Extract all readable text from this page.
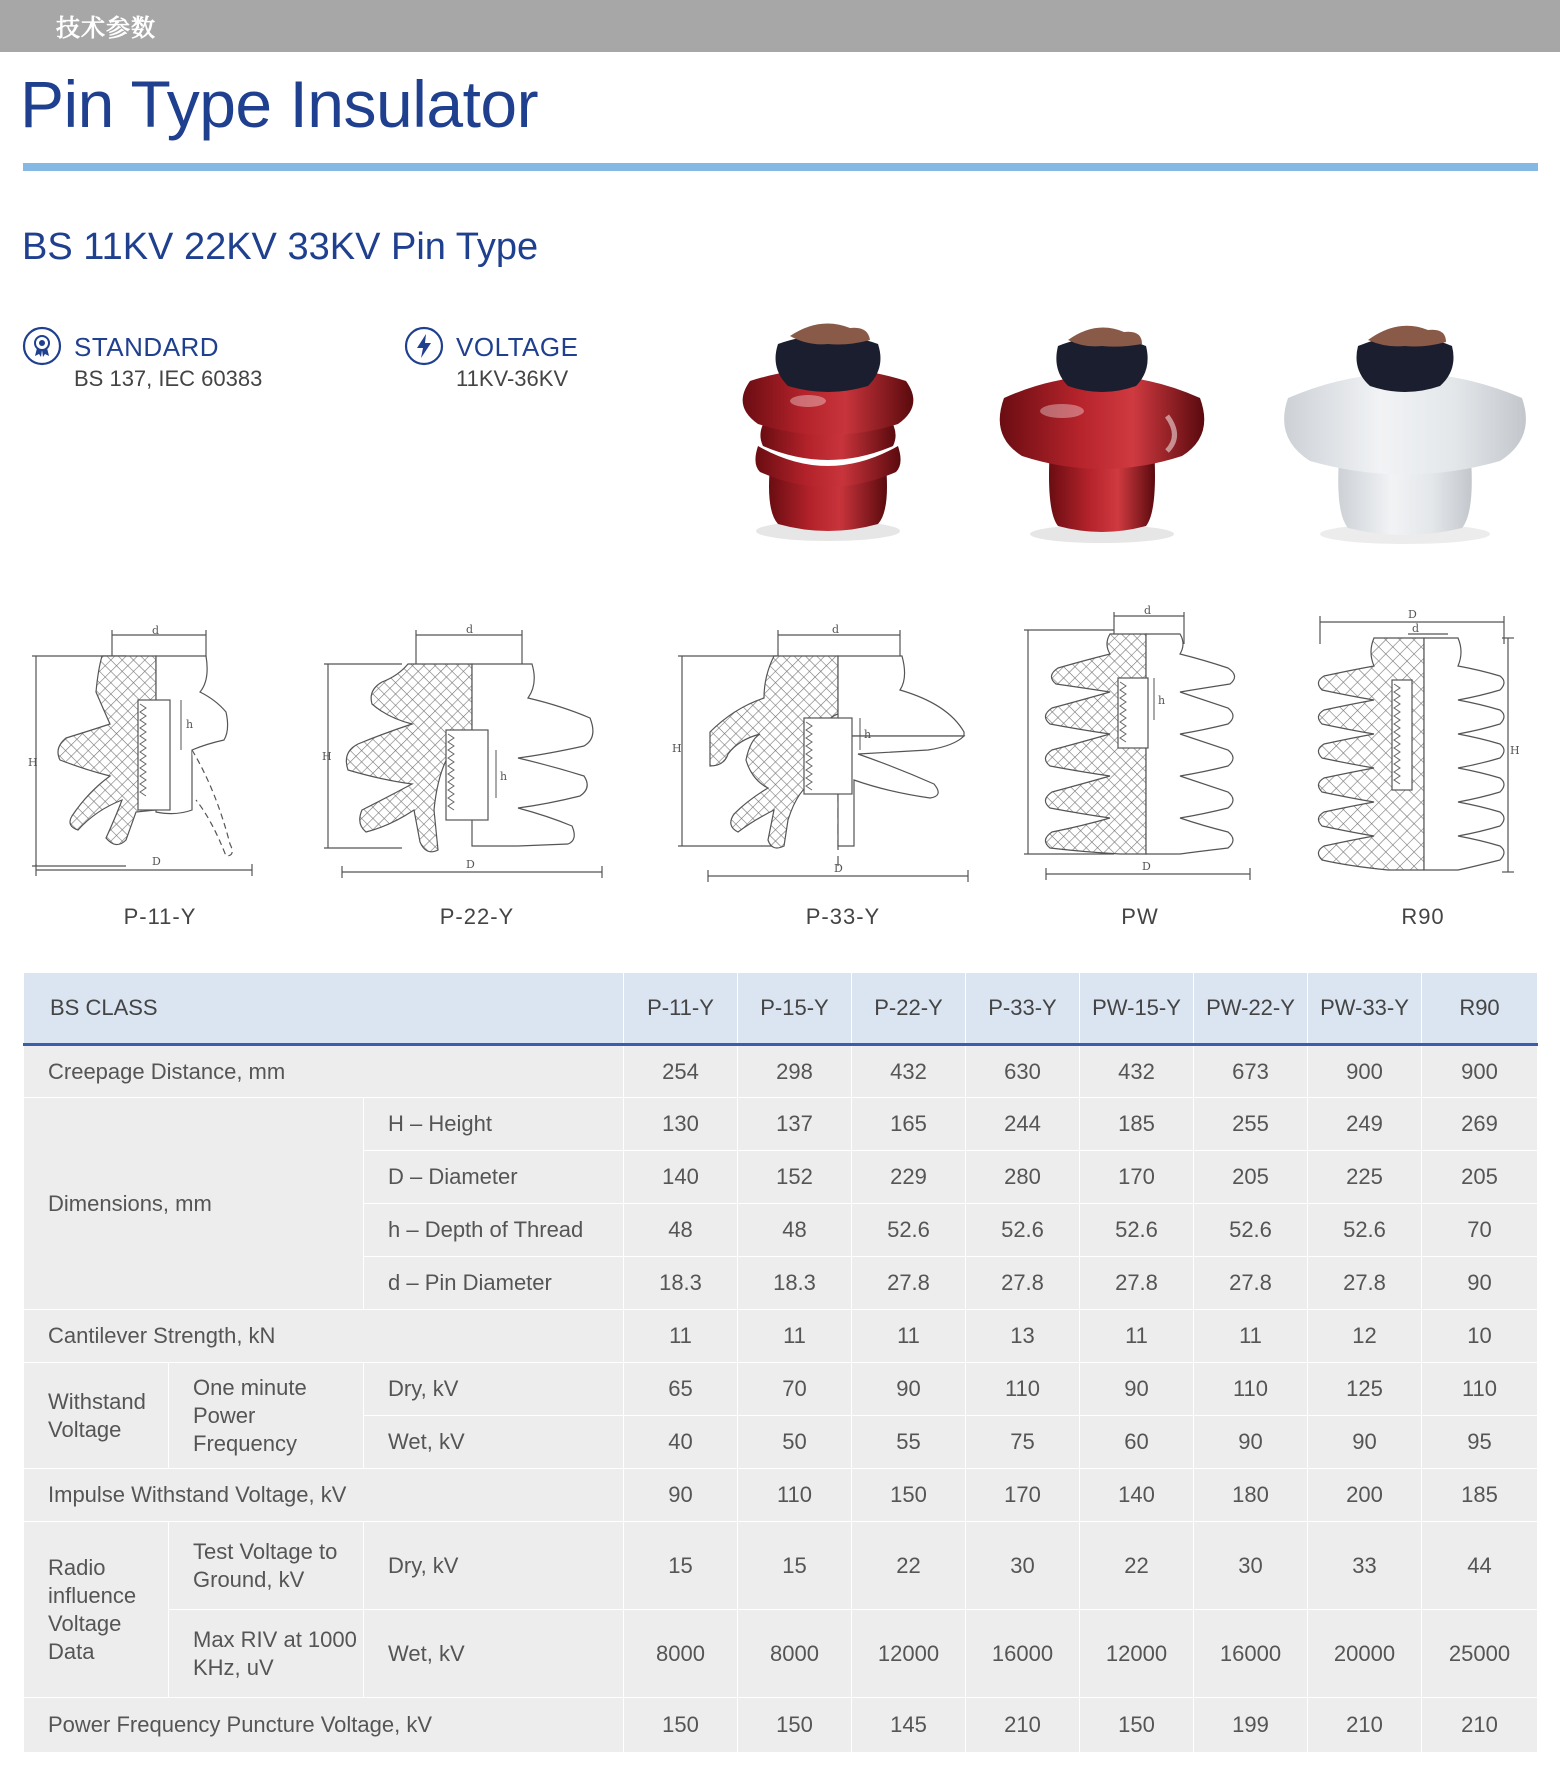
技术参数
Pin Type Insulator
BS 11KV 22KV 33KV Pin Type
STANDARD
BS 137, IEC 60383
VOLTAGE
11KV-36KV
d
H
h
D
d
H
h
D
d
H
h
D
d
h
D
D
d
H
P-11-Y	P-22-Y	P-33-Y	PW	R90
BS CLASS			P-11-Y	P-15-Y	P-22-Y	P-33-Y	PW-15-Y	PW-22-Y	PW-33-Y	R90
Creepage Distance, mm			254	298	432	630	432	673	900	900
Dimensions, mm		H – Height	130	137	165	244	185	255	249	269
		D – Diameter	140	152	229	280	170	205	225	205
		h – Depth of Thread	48	48	52.6	52.6	52.6	52.6	52.6	70
		d – Pin Diameter	18.3	18.3	27.8	27.8	27.8	27.8	27.8	90
Cantilever Strength, kN			11	11	11	13	11	11	12	10
Withstand Voltage	One minute Power Frequency	Dry, kV	65	70	90	110	90	110	125	110
		Wet, kV	40	50	55	75	60	90	90	95
Impulse Withstand Voltage, kV			90	110	150	170	140	180	200	185
Radio influence Voltage Data	Test Voltage to Ground, kV	Dry, kV	15	15	22	30	22	30	33	44
	Max RIV at 1000 KHz, uV	Wet, kV	8000	8000	12000	16000	12000	16000	20000	25000
Power Frequency Puncture Voltage, kV			150	150	145	210	150	199	210	210
